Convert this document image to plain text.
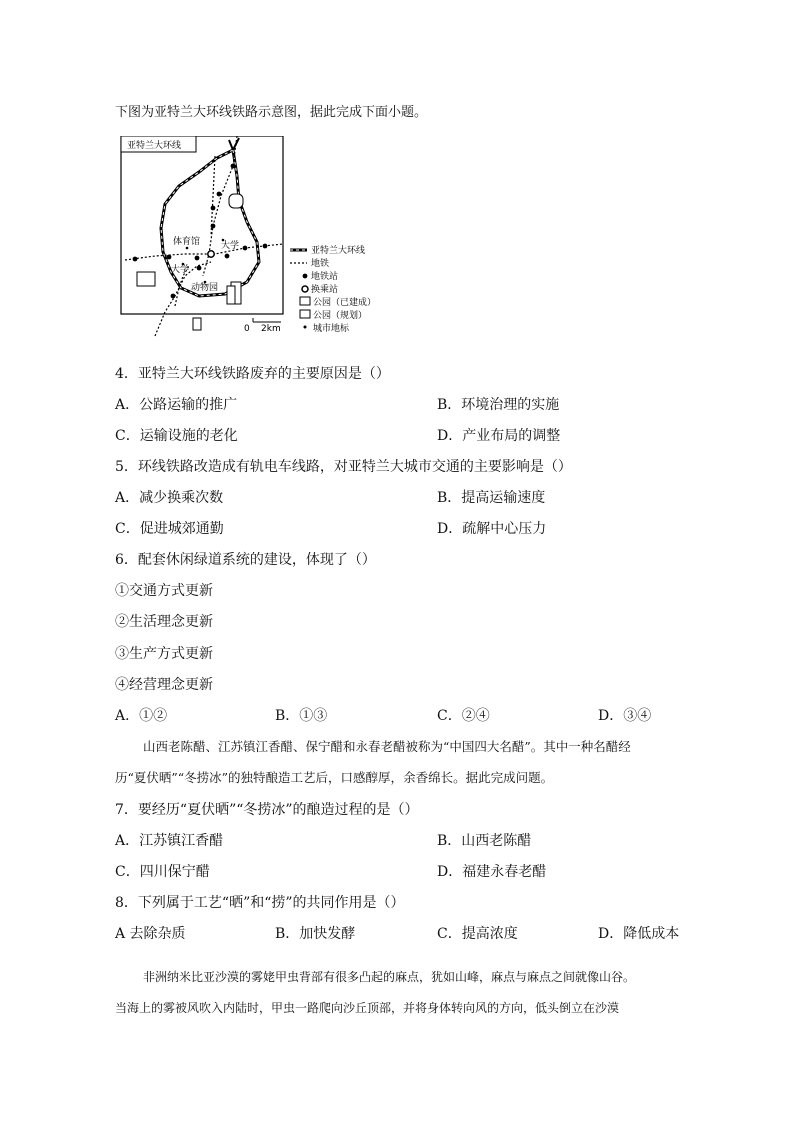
下图为亚特兰大环线铁路示意图，据此完成下面小题。
亚特兰大环线
体育馆 大学
大学
动物园
0 2km
亚特兰大环线
地铁
地铁站
换乘站
公园（已建成）
公园（规划）
城市地标
4．亚特兰大环线铁路废弃的主要原因是（）
A．公路运输的推广	B．环境治理的实施
C．运输设施的老化	D．产业布局的调整
5．环线铁路改造成有轨电车线路，对亚特兰大城市交通的主要影响是（）
A．减少换乘次数	B．提高运输速度
C．促进城郊通勤	D．疏解中心压力
6．配套休闲绿道系统的建设，体现了（）
①交通方式更新
②生活理念更新
③生产方式更新
④经营理念更新
A．①②	B．①③	C．②④	D．③④
山西老陈醋、江苏镇江香醋、保宁醋和永春老醋被称为“中国四大名醋”。其中一种名醋经
历“夏伏晒”“冬捞冰”的独特酿造工艺后，口感醇厚，余香绵长。据此完成问题。
7．要经历“夏伏晒”“冬捞冰”的酿造过程的是（）
A．江苏镇江香醋	B．山西老陈醋
C．四川保宁醋	D．福建永春老醋
8．下列属于工艺“晒”和“捞”的共同作用是（）
A 去除杂质	B．加快发酵	C．提高浓度	D．降低成本
非洲纳米比亚沙漠的雾姥甲虫背部有很多凸起的麻点，犹如山峰，麻点与麻点之间就像山谷。
当海上的雾被风吹入内陆时，甲虫一路爬向沙丘顶部，并将身体转向风的方向，低头倒立在沙漠
